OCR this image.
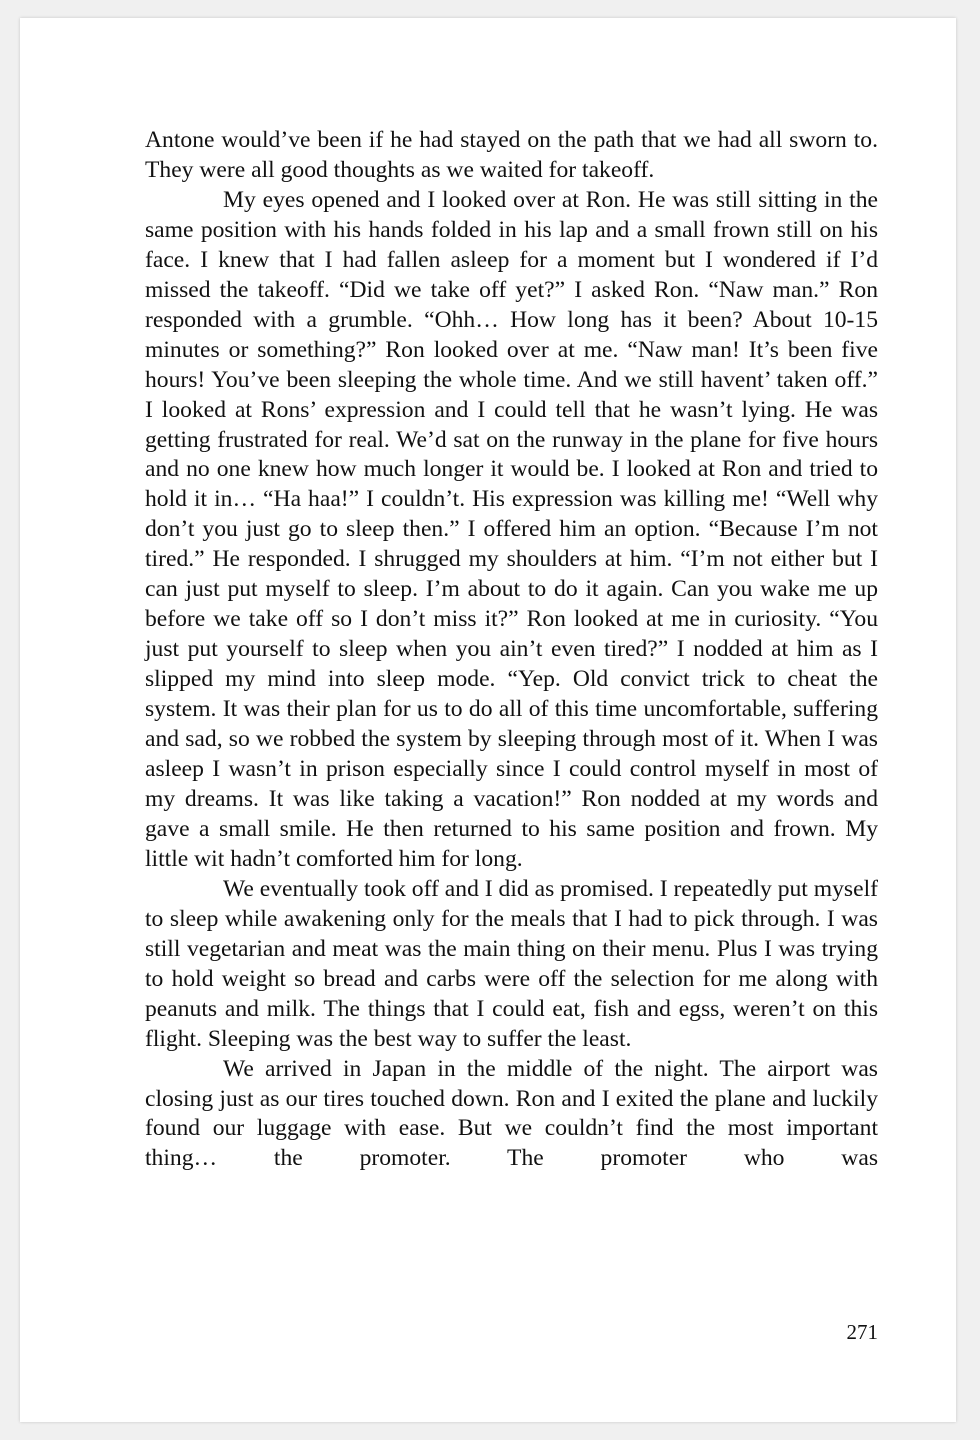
Antone would’ve been if he had stayed on the path that we had all sworn to. They were all good thoughts as we waited for takeoff.

My eyes opened and I looked over at Ron. He was still sitting in the same position with his hands folded in his lap and a small frown still on his face. I knew that I had fallen asleep for a moment but I wondered if I’d missed the takeoff. “Did we take off yet?” I asked Ron. “Naw man.” Ron responded with a grumble. “Ohh… How long has it been? About 10-15 minutes or something?” Ron looked over at me. “Naw man! It’s been five hours! You’ve been sleeping the whole time. And we still havent’ taken off.” I looked at Rons’ expression and I could tell that he wasn’t lying. He was getting frustrated for real. We’d sat on the runway in the plane for five hours and no one knew how much longer it would be. I looked at Ron and tried to hold it in… “Ha haa!” I couldn’t. His expression was killing me! “Well why don’t you just go to sleep then.” I offered him an option. “Because I’m not tired.” He responded. I shrugged my shoulders at him. “I’m not either but I can just put myself to sleep. I’m about to do it again. Can you wake me up before we take off so I don’t miss it?” Ron looked at me in curiosity. “You just put yourself to sleep when you ain’t even tired?” I nodded at him as I slipped my mind into sleep mode. “Yep. Old convict trick to cheat the system. It was their plan for us to do all of this time uncomfortable, suffering and sad, so we robbed the system by sleeping through most of it. When I was asleep I wasn’t in prison especially since I could control myself in most of my dreams. It was like taking a vacation!” Ron nodded at my words and gave a small smile. He then returned to his same position and frown. My little wit hadn’t comforted him for long.

We eventually took off and I did as promised. I repeatedly put myself to sleep while awakening only for the meals that I had to pick through. I was still vegetarian and meat was the main thing on their menu. Plus I was trying to hold weight so bread and carbs were off the selection for me along with peanuts and milk. The things that I could eat, fish and egss, weren’t on this flight. Sleeping was the best way to suffer the least.

We arrived in Japan in the middle of the night. The airport was closing just as our tires touched down. Ron and I exited the plane and luckily found our luggage with ease. But we couldn’t find the most important thing… the promoter. The promoter who was

271
